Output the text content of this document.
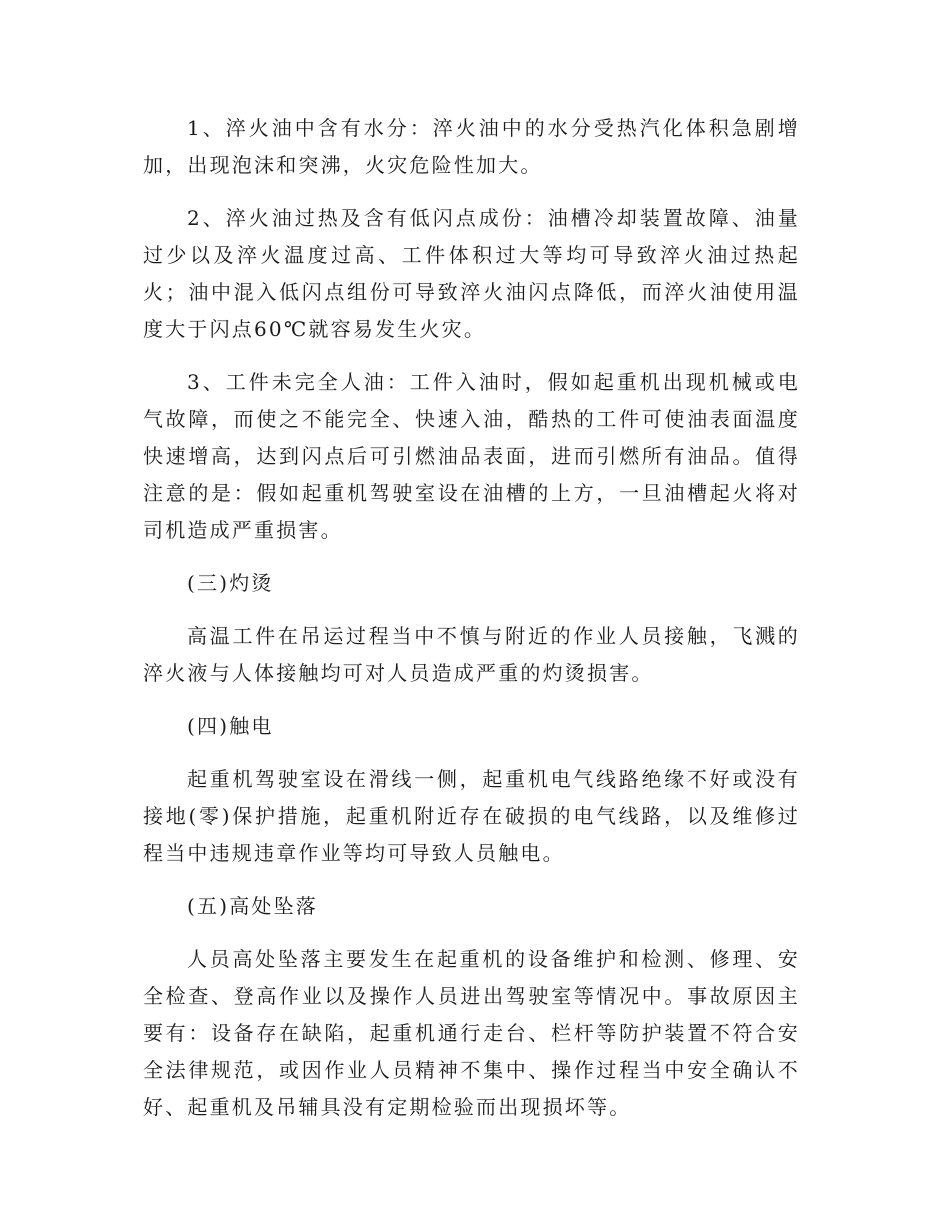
1、淬火油中含有水分：淬火油中的水分受热汽化体积急剧增加，出现泡沫和突沸，火灾危险性加大。

2、淬火油过热及含有低闪点成份：油槽冷却装置故障、油量过少以及淬火温度过高、工件体积过大等均可导致淬火油过热起火；油中混入低闪点组份可导致淬火油闪点降低，而淬火油使用温度大于闪点60℃就容易发生火灾。

3、工件未完全人油：工件入油时，假如起重机出现机械或电气故障，而使之不能完全、快速入油，酷热的工件可使油表面温度快速增高，达到闪点后可引燃油品表面，进而引燃所有油品。值得注意的是：假如起重机驾驶室设在油槽的上方，一旦油槽起火将对司机造成严重损害。

(三)灼烫

高温工件在吊运过程当中不慎与附近的作业人员接触，飞溅的淬火液与人体接触均可对人员造成严重的灼烫损害。

(四)触电

起重机驾驶室设在滑线一侧，起重机电气线路绝缘不好或没有接地(零)保护措施，起重机附近存在破损的电气线路，以及维修过程当中违规违章作业等均可导致人员触电。

(五)高处坠落

人员高处坠落主要发生在起重机的设备维护和检测、修理、安全检查、登高作业以及操作人员进出驾驶室等情况中。事故原因主要有：设备存在缺陷，起重机通行走台、栏杆等防护装置不符合安全法律规范，或因作业人员精神不集中、操作过程当中安全确认不好、起重机及吊辅具没有定期检验而出现损坏等。
